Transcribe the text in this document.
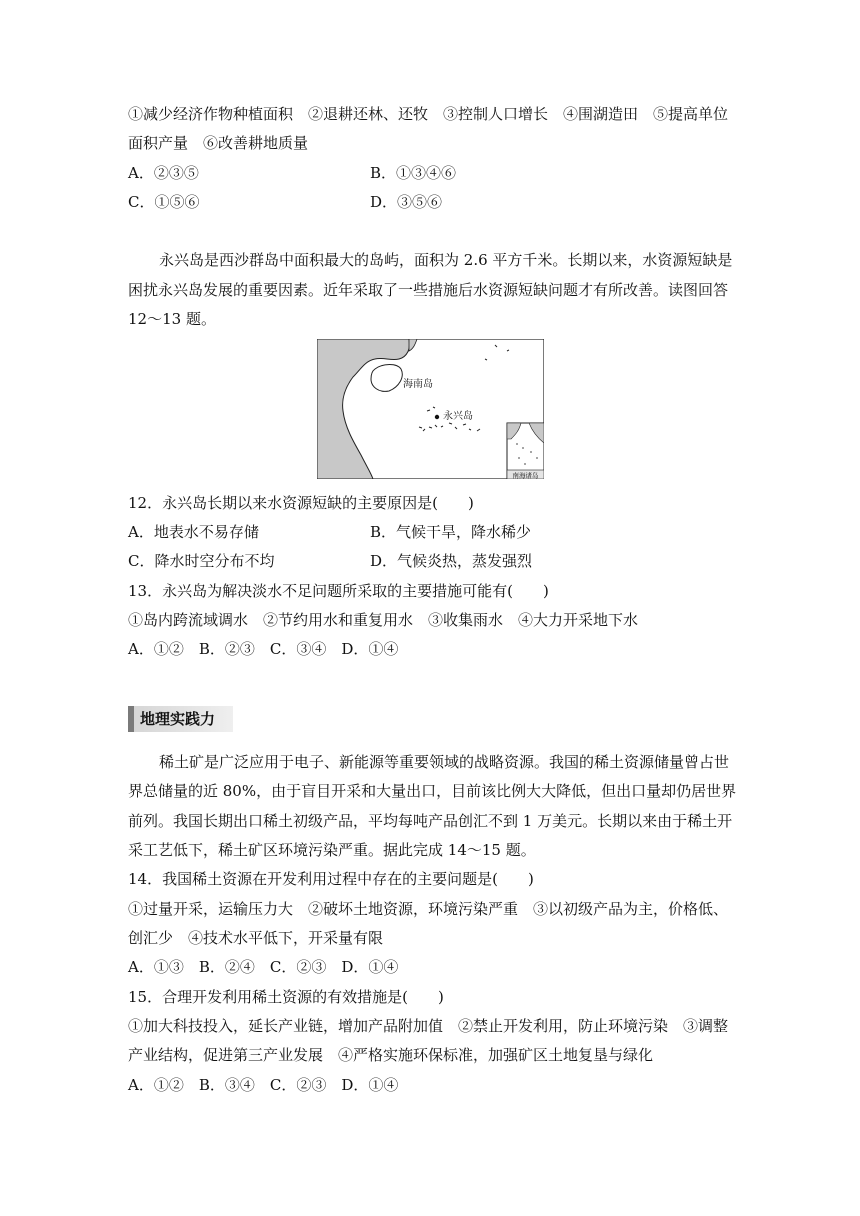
①减少经济作物种植面积　②退耕还林、还牧　③控制人口增长　④围湖造田　⑤提高单位
面积产量　⑥改善耕地质量
A．②③⑤	B．①③④⑥
C．①⑤⑥	D．③⑤⑥
永兴岛是西沙群岛中面积最大的岛屿，面积为 2.6 平方千米。长期以来，水资源短缺是
困扰永兴岛发展的重要因素。近年采取了一些措施后水资源短缺问题才有所改善。读图回答
12～13 题。
海南岛
永兴岛
南海诸岛
12．永兴岛长期以来水资源短缺的主要原因是(　　)
A．地表水不易存储	B．气候干旱，降水稀少
C．降水时空分布不均	D．气候炎热，蒸发强烈
13．永兴岛为解决淡水不足问题所采取的主要措施可能有(　　)
①岛内跨流域调水　②节约用水和重复用水　③收集雨水　④大力开采地下水
A．①②　B．②③　C．③④　D．①④
地理实践力
稀土矿是广泛应用于电子、新能源等重要领域的战略资源。我国的稀土资源储量曾占世
界总储量的近 80%，由于盲目开采和大量出口，目前该比例大大降低，但出口量却仍居世界
前列。我国长期出口稀土初级产品，平均每吨产品创汇不到 1 万美元。长期以来由于稀土开
采工艺低下，稀土矿区环境污染严重。据此完成 14～15 题。
14．我国稀土资源在开发利用过程中存在的主要问题是(　　)
①过量开采，运输压力大　②破坏土地资源，环境污染严重　③以初级产品为主，价格低、
创汇少　④技术水平低下，开采量有限
A．①③　B．②④　C．②③　D．①④
15．合理开发利用稀土资源的有效措施是(　　)
①加大科技投入，延长产业链，增加产品附加值　②禁止开发利用，防止环境污染　③调整
产业结构，促进第三产业发展　④严格实施环保标准，加强矿区土地复垦与绿化
A．①②　B．③④　C．②③　D．①④
